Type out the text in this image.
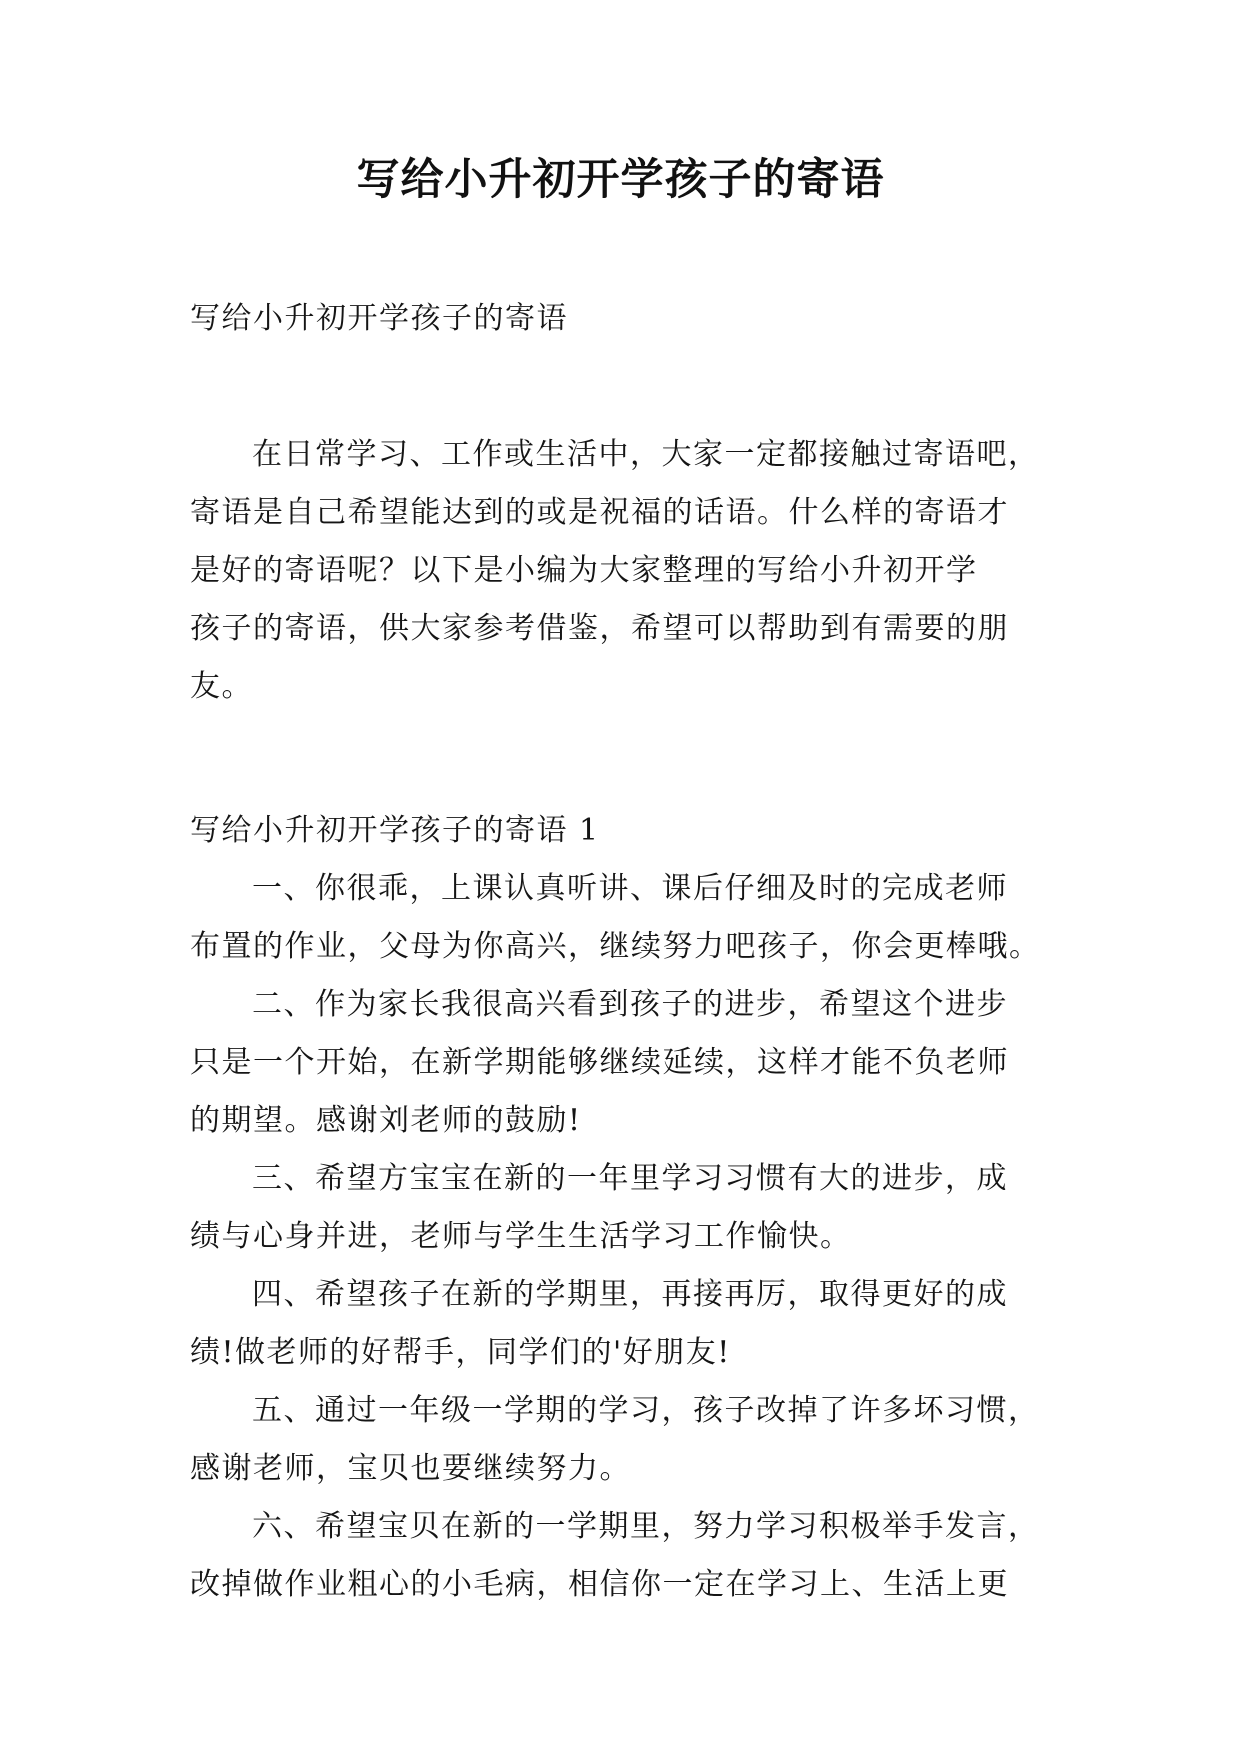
写给小升初开学孩子的寄语
写给小升初开学孩子的寄语
在日常学习、工作或生活中，大家一定都接触过寄语吧，
寄语是自己希望能达到的或是祝福的话语。什么样的寄语才
是好的寄语呢？以下是小编为大家整理的写给小升初开学
孩子的寄语，供大家参考借鉴，希望可以帮助到有需要的朋
友。
写给小升初开学孩子的寄语 1
一、你很乖，上课认真听讲、课后仔细及时的完成老师
布置的作业，父母为你高兴，继续努力吧孩子，你会更棒哦。
二、作为家长我很高兴看到孩子的进步，希望这个进步
只是一个开始，在新学期能够继续延续，这样才能不负老师
的期望。感谢刘老师的鼓励!
三、希望方宝宝在新的一年里学习习惯有大的进步，成
绩与心身并进，老师与学生生活学习工作愉快。
四、希望孩子在新的学期里，再接再厉，取得更好的成
绩!做老师的好帮手，同学们的'好朋友!
五、通过一年级一学期的学习，孩子改掉了许多坏习惯，
感谢老师，宝贝也要继续努力。
六、希望宝贝在新的一学期里，努力学习积极举手发言，
改掉做作业粗心的小毛病，相信你一定在学习上、生活上更
